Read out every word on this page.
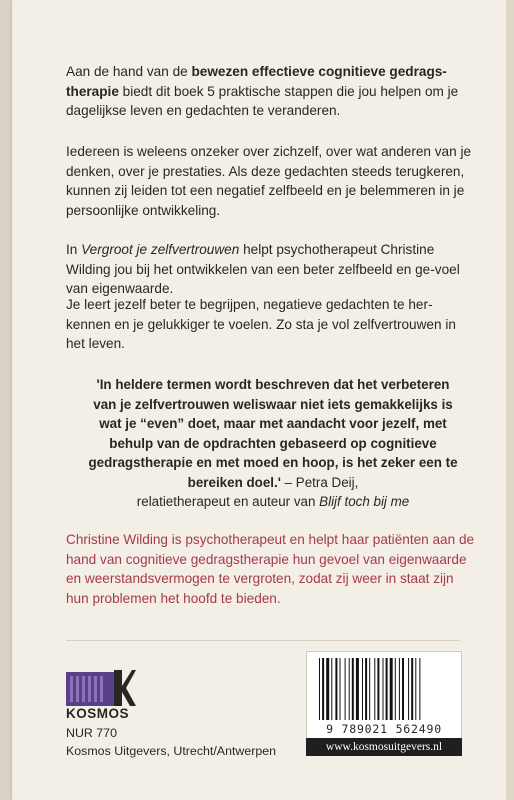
Aan de hand van de bewezen effectieve cognitieve gedrags-therapie biedt dit boek 5 praktische stappen die jou helpen om je dagelijkse leven en gedachten te veranderen.
Iedereen is weleens onzeker over zichzelf, over wat anderen van je denken, over je prestaties. Als deze gedachten steeds terugkeren, kunnen zij leiden tot een negatief zelfbeeld en je belemmeren in je persoonlijke ontwikkeling.
In Vergroot je zelfvertrouwen helpt psychotherapeut Christine Wilding jou bij het ontwikkelen van een beter zelfbeeld en ge-voel van eigenwaarde.
Je leert jezelf beter te begrijpen, negatieve gedachten te her-kennen en je gelukkiger te voelen. Zo sta je vol zelfvertrouwen in het leven.
'In heldere termen wordt beschreven dat het verbeteren van je zelfvertrouwen weliswaar niet iets gemakkelijks is wat je “even” doet, maar met aandacht voor jezelf, met behulp van de opdrachten gebaseerd op cognitieve gedragstherapie en met moed en hoop, is het zeker een te bereiken doel.' – Petra Deij,
relatietherapeut en auteur van Blijf toch bij me
Christine Wilding is psychotherapeut en helpt haar patiënten aan de hand van cognitieve gedragstherapie hun gevoel van eigenwaarde en weerstandsvermogen te vergroten, zodat zij weer in staat zijn hun problemen het hoofd te bieden.
KOSMOS
NUR 770
Kosmos Uitgevers, Utrecht/Antwerpen
9 789021 562490
www.kosmosuitgevers.nl
